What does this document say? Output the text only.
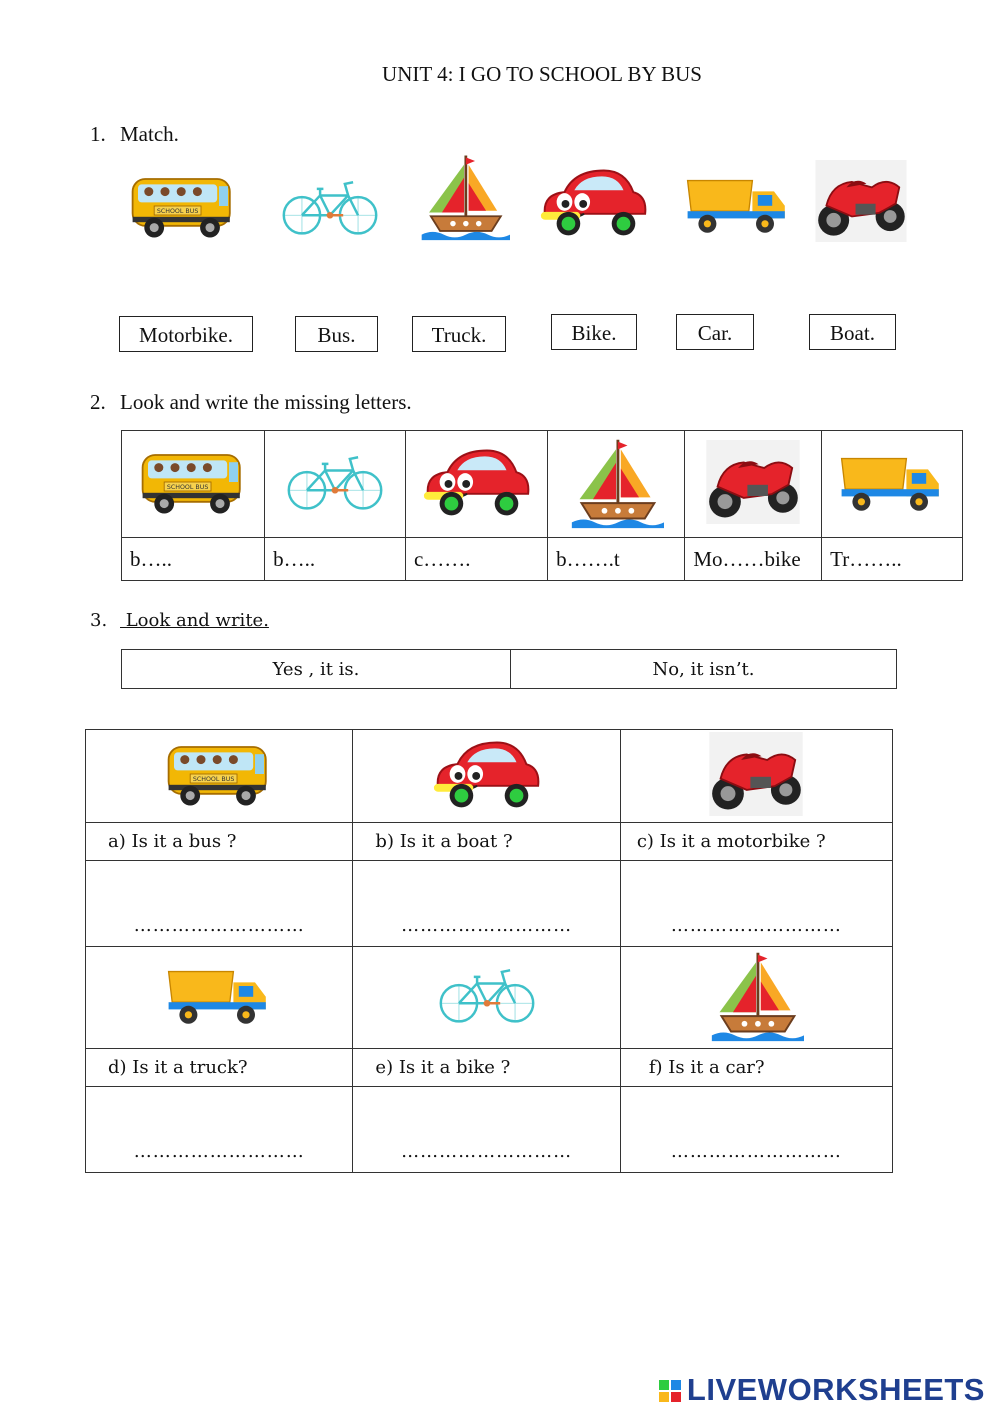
UNIT 4: I GO TO SCHOOL BY BUS
1. Match.
Motorbike.	Bus.	Truck.	Bike.	Car.	Boat.
2. Look and write the missing letters.

b…..	b…..	c…….	b…….t	Mo……bike	Tr……..
3. Look and write.
Yes , it is.	No, it isn’t.

a) Is it a bus ?	b) Is it a boat ?	c) Is it a motorbike ?
………………………	………………………	………………………

d) Is it a truck?	e) Is it a bike ?	f) Is it a car?
………………………	………………………	………………………
LIVEWORKSHEETS
